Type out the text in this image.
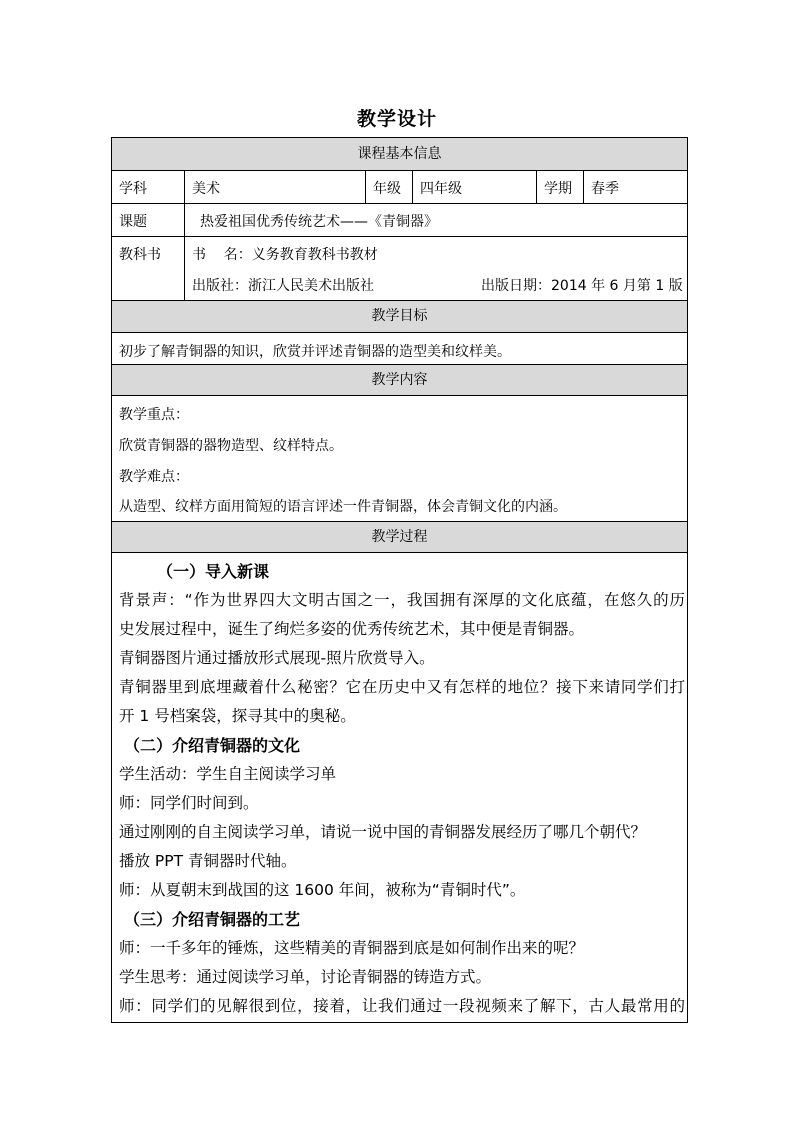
教学设计
课程基本信息
学科	美术	年级 四年级	学期 春季
课题	热爱祖国优秀传统艺术——《青铜器》
教科书 书    名：义务教育教科书教材
出版社：浙江人民美术出版社	出版日期：2014 年 6 月第 1 版
教学目标
初步了解青铜器的知识，欣赏并评述青铜器的造型美和纹样美。
教学内容
教学重点：
欣赏青铜器的器物造型、纹样特点。
教学难点：
从造型、纹样方面用简短的语言评述一件青铜器，体会青铜文化的内涵。
教学过程
（一）导入新课
背景声：“作为世界四大文明古国之一，我国拥有深厚的文化底蕴，在悠久的历
史发展过程中，诞生了绚烂多姿的优秀传统艺术，其中便是青铜器。
青铜器图片通过播放形式展现-照片欣赏导入。
青铜器里到底埋藏着什么秘密？它在历史中又有怎样的地位？接下来请同学们打
开 1 号档案袋，探寻其中的奥秘。
（二）介绍青铜器的文化
学生活动：学生自主阅读学习单
师：同学们时间到。
通过刚刚的自主阅读学习单，请说一说中国的青铜器发展经历了哪几个朝代？
播放 PPT 青铜器时代轴。
师：从夏朝末到战国的这 1600 年间，被称为“青铜时代”。
（三）介绍青铜器的工艺
师：一千多年的锤炼，这些精美的青铜器到底是如何制作出来的呢？
学生思考：通过阅读学习单，讨论青铜器的铸造方式。
师：同学们的见解很到位，接着，让我们通过一段视频来了解下，古人最常用的
